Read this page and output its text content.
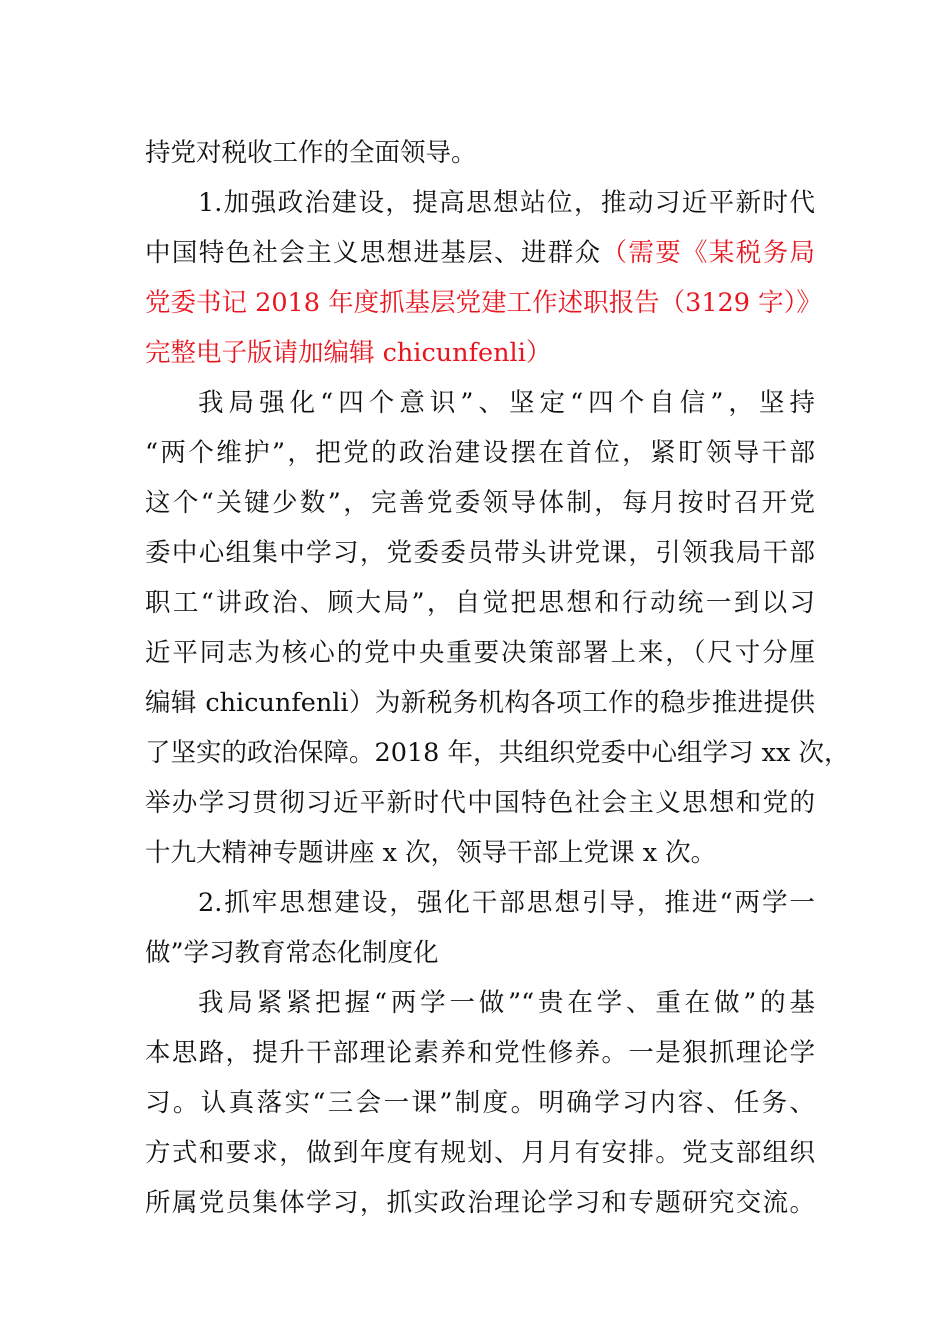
持党对税收工作的全面领导。
1.加强政治建设，提高思想站位，推动习近平新时代
中国特色社会主义思想进基层、进群众（需要《某税务局
党委书记 2018 年度抓基层党建工作述职报告（3129 字）》
完整电子版请加编辑 chicunfenli）
我局强化“四个意识”、坚定“四个自信”，坚持
“两个维护”，把党的政治建设摆在首位，紧盯领导干部
这个“关键少数”，完善党委领导体制，每月按时召开党
委中心组集中学习，党委委员带头讲党课，引领我局干部
职工“讲政治、顾大局”，自觉把思想和行动统一到以习
近平同志为核心的党中央重要决策部署上来，（尺寸分厘
编辑 chicunfenli）为新税务机构各项工作的稳步推进提供
了坚实的政治保障。2018 年，共组织党委中心组学习 xx 次，
举办学习贯彻习近平新时代中国特色社会主义思想和党的
十九大精神专题讲座 x 次，领导干部上党课 x 次。
2.抓牢思想建设，强化干部思想引导，推进“两学一
做”学习教育常态化制度化
我局紧紧把握“两学一做”“贵在学、重在做”的基
本思路，提升干部理论素养和党性修养。一是狠抓理论学
习。认真落实“三会一课”制度。明确学习内容、任务、
方式和要求，做到年度有规划、月月有安排。党支部组织
所属党员集体学习，抓实政治理论学习和专题研究交流。
